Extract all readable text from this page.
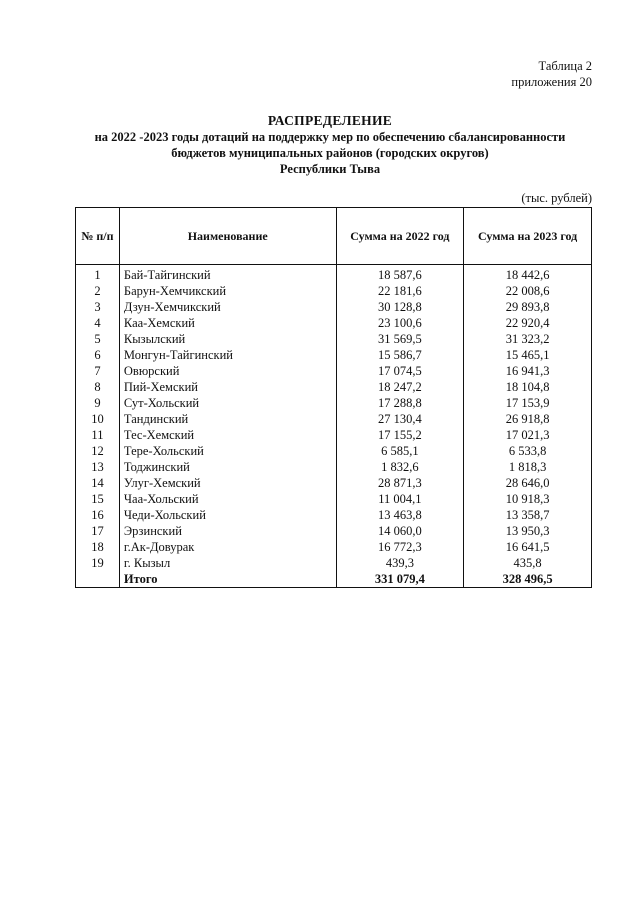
Таблица 2
приложения 20
РАСПРЕДЕЛЕНИЕ
на 2022 -2023 годы дотаций на поддержку мер по обеспечению сбалансированности
бюджетов муниципальных районов (городских округов)
Республики Тыва
(тыс. рублей)
№ п/п	Наименование	Сумма на 2022 год	Сумма на 2023 год
1	Бай-Тайгинский	18 587,6	18 442,6
2	Барун-Хемчикский	22 181,6	22 008,6
3	Дзун-Хемчикский	30 128,8	29 893,8
4	Каа-Хемский	23 100,6	22 920,4
5	Кызылский	31 569,5	31 323,2
6	Монгун-Тайгинский	15 586,7	15 465,1
7	Овюрский	17 074,5	16 941,3
8	Пий-Хемский	18 247,2	18 104,8
9	Сут-Хольский	17 288,8	17 153,9
10	Тандинский	27 130,4	26 918,8
11	Тес-Хемский	17 155,2	17 021,3
12	Тере-Хольский	6 585,1	6 533,8
13	Тоджинский	1 832,6	1 818,3
14	Улуг-Хемский	28 871,3	28 646,0
15	Чаа-Хольский	11 004,1	10 918,3
16	Чеди-Хольский	13 463,8	13 358,7
17	Эрзинский	14 060,0	13 950,3
18	г.Ак-Довурак	16 772,3	16 641,5
19	г. Кызыл	439,3	435,8
	Итого	331 079,4	328 496,5
